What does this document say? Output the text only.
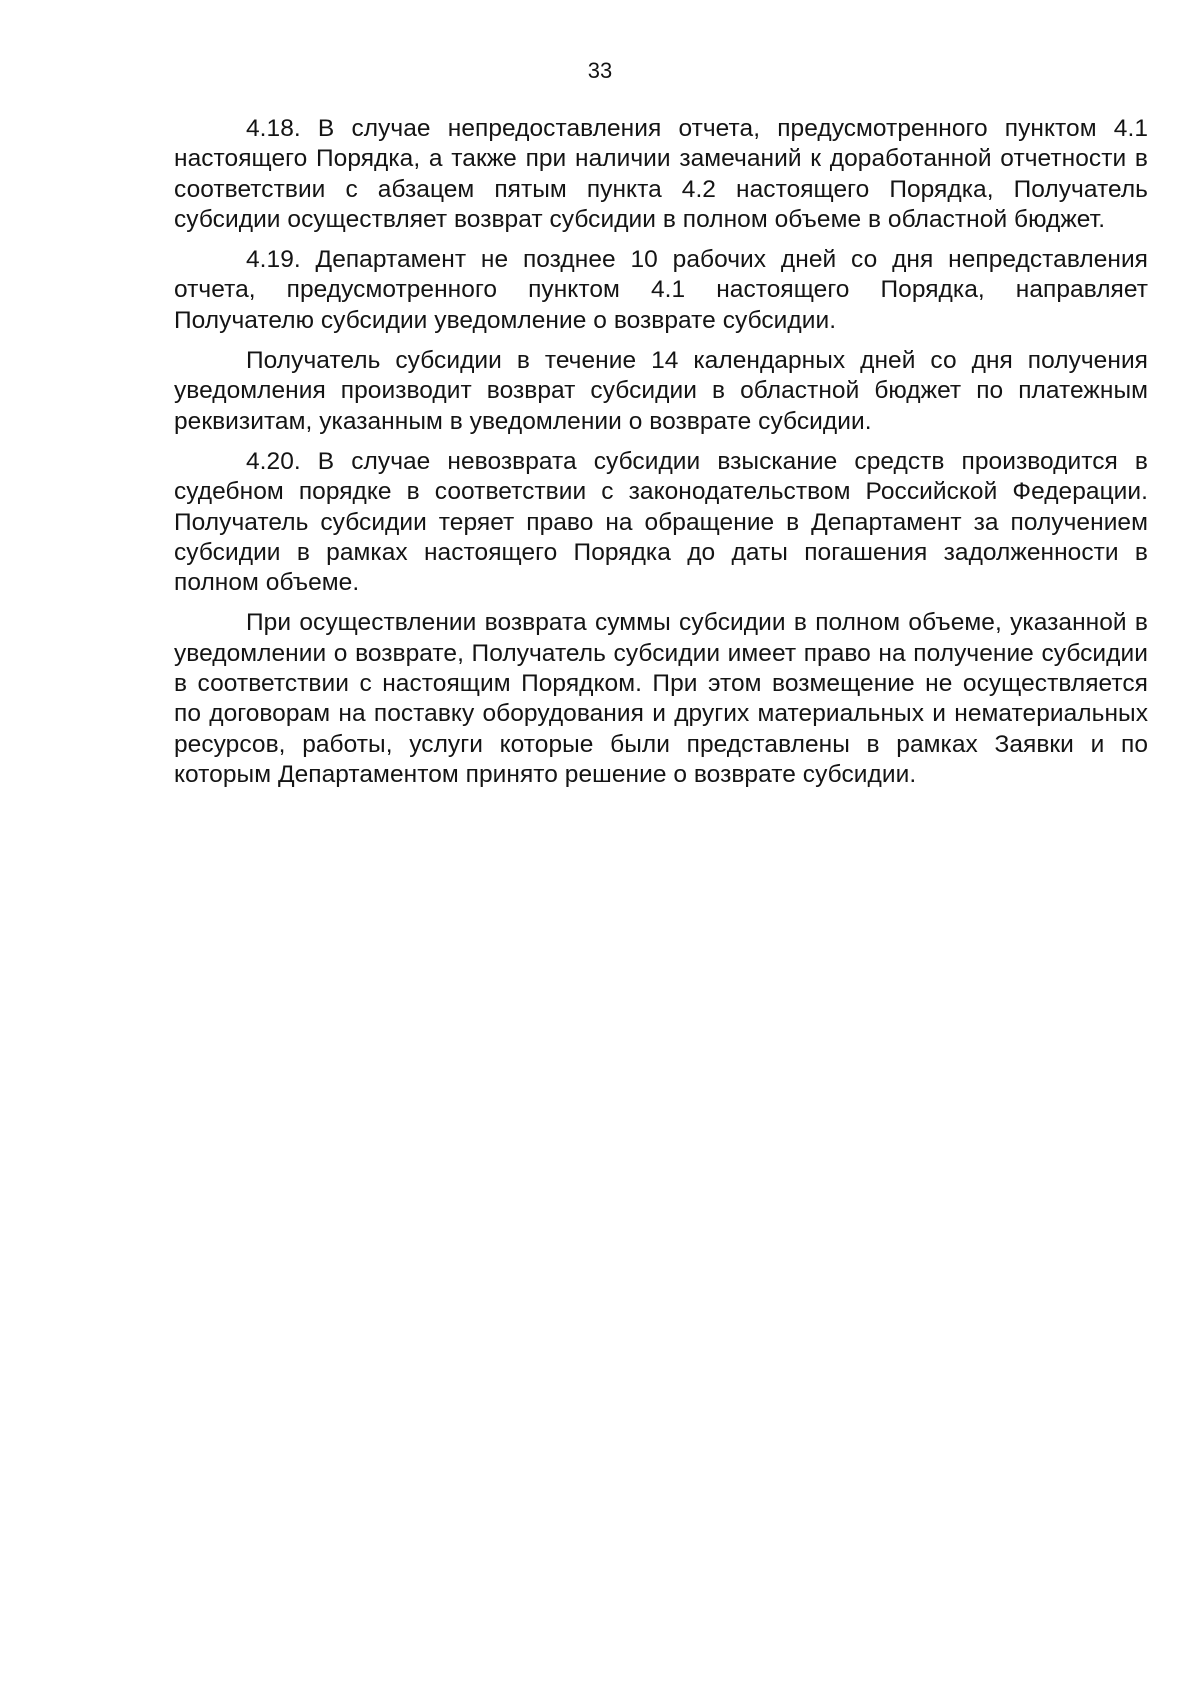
33

4.18. В случае непредоставления отчета, предусмотренного пунктом 4.1 настоящего Порядка, а также при наличии замечаний к доработанной отчетности в соответствии с абзацем пятым пункта 4.2 настоящего Порядка, Получатель субсидии осуществляет возврат субсидии в полном объеме в областной бюджет.

4.19. Департамент не позднее 10 рабочих дней со дня непредставления отчета, предусмотренного пунктом 4.1 настоящего Порядка, направляет Получателю субсидии уведомление о возврате субсидии.

Получатель субсидии в течение 14 календарных дней со дня получения уведомления производит возврат субсидии в областной бюджет по платежным реквизитам, указанным в уведомлении о возврате субсидии.

4.20. В случае невозврата субсидии взыскание средств производится в судебном порядке в соответствии с законодательством Российской Федерации. Получатель субсидии теряет право на обращение в Департамент за получением субсидии в рамках настоящего Порядка до даты погашения задолженности в полном объеме.

При осуществлении возврата суммы субсидии в полном объеме, указанной в уведомлении о возврате, Получатель субсидии имеет право на получение субсидии в соответствии с настоящим Порядком. При этом возмещение не осуществляется по договорам на поставку оборудования и других материальных и нематериальных ресурсов, работы, услуги которые были представлены в рамках Заявки и по которым Департаментом принято решение о возврате субсидии.
